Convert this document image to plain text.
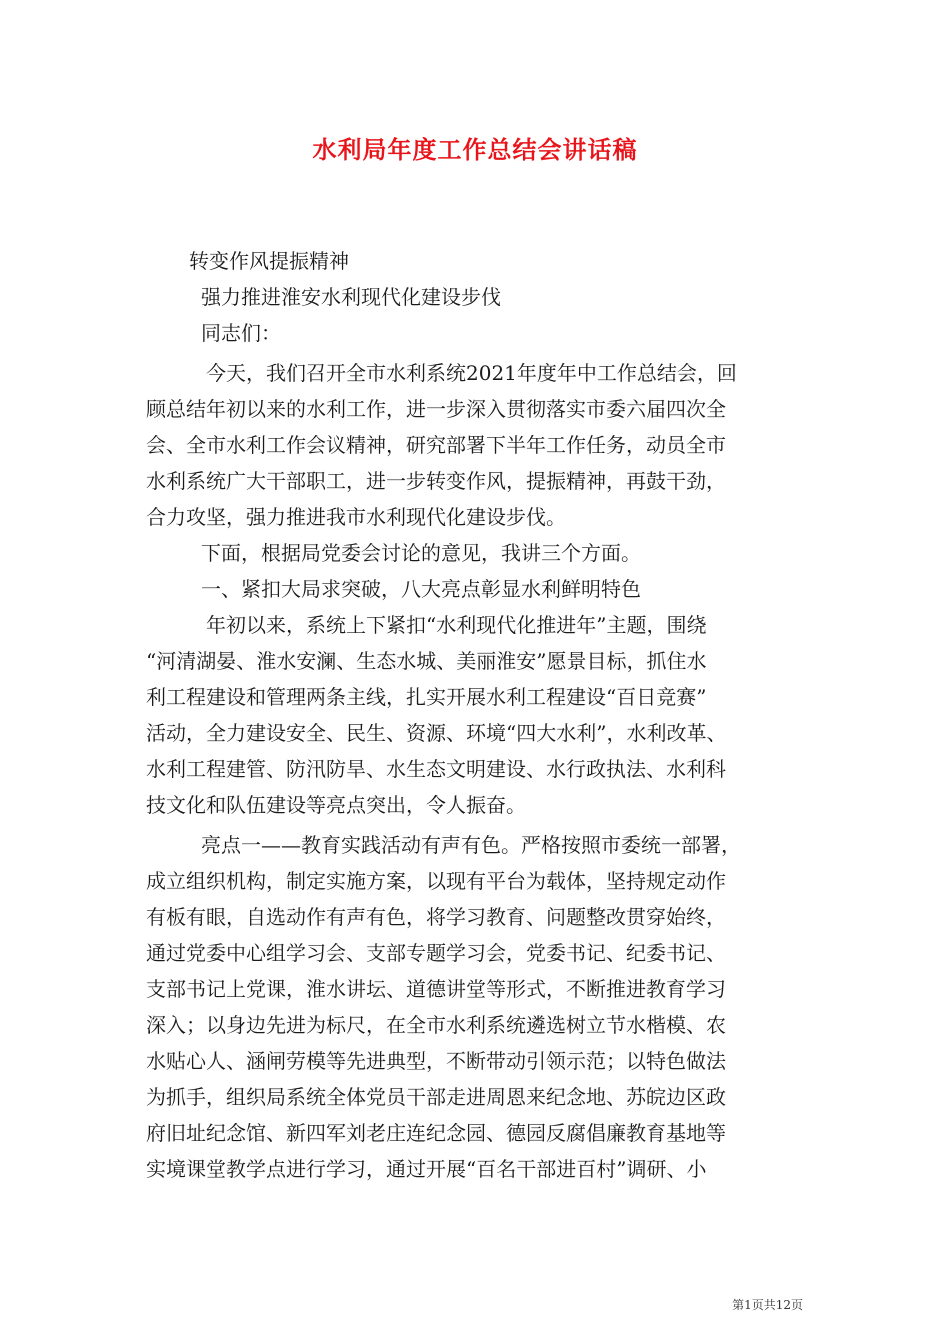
水利局年度工作总结会讲话稿
转变作风提振精神
强力推进淮安水利现代化建设步伐
同志们：
今天，我们召开全市水利系统2021年度年中工作总结会，回
顾总结年初以来的水利工作，进一步深入贯彻落实市委六届四次全
会、全市水利工作会议精神，研究部署下半年工作任务，动员全市
水利系统广大干部职工，进一步转变作风，提振精神，再鼓干劲，
合力攻坚，强力推进我市水利现代化建设步伐。
下面，根据局党委会讨论的意见，我讲三个方面。
一、紧扣大局求突破，八大亮点彰显水利鲜明特色
年初以来，系统上下紧扣“水利现代化推进年”主题，围绕
“河清湖晏、淮水安澜、生态水城、美丽淮安”愿景目标，抓住水
利工程建设和管理两条主线，扎实开展水利工程建设“百日竞赛”
活动，全力建设安全、民生、资源、环境“四大水利”，水利改革、
水利工程建管、防汛防旱、水生态文明建设、水行政执法、水利科
技文化和队伍建设等亮点突出，令人振奋。
亮点一——教育实践活动有声有色。严格按照市委统一部署，
成立组织机构，制定实施方案，以现有平台为载体，坚持规定动作
有板有眼，自选动作有声有色，将学习教育、问题整改贯穿始终，
通过党委中心组学习会、支部专题学习会，党委书记、纪委书记、
支部书记上党课，淮水讲坛、道德讲堂等形式，不断推进教育学习
深入；以身边先进为标尺，在全市水利系统遴选树立节水楷模、农
水贴心人、涵闸劳模等先进典型，不断带动引领示范；以特色做法
为抓手，组织局系统全体党员干部走进周恩来纪念地、苏皖边区政
府旧址纪念馆、新四军刘老庄连纪念园、德园反腐倡廉教育基地等
实境课堂教学点进行学习，通过开展“百名干部进百村”调研、小
第1页共12页
